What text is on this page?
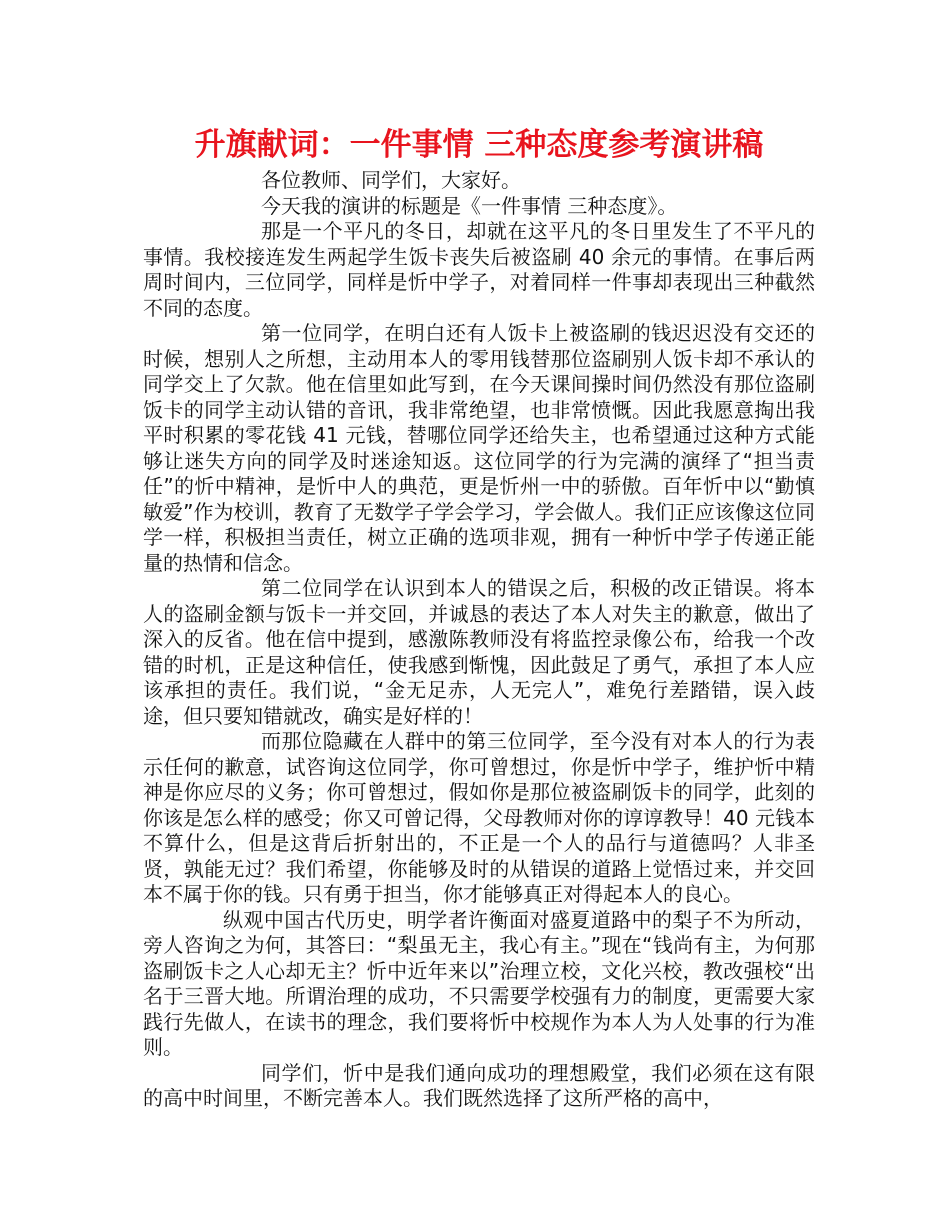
升旗献词：一件事情 三种态度参考演讲稿

各位教师、同学们，大家好。

今天我的演讲的标题是《一件事情 三种态度》。

那是一个平凡的冬日，却就在这平凡的冬日里发生了不平凡的事情。我校接连发生两起学生饭卡丧失后被盗刷 40 余元的事情。在事后两周时间内，三位同学，同样是忻中学子，对着同样一件事却表现出三种截然不同的态度。

第一位同学，在明白还有人饭卡上被盗刷的钱迟迟没有交还的时候，想别人之所想，主动用本人的零用钱替那位盗刷别人饭卡却不承认的同学交上了欠款。他在信里如此写到，在今天课间操时间仍然没有那位盗刷饭卡的同学主动认错的音讯，我非常绝望，也非常愤慨。因此我愿意掏出我平时积累的零花钱 41 元钱，替哪位同学还给失主，也希望通过这种方式能够让迷失方向的同学及时迷途知返。这位同学的行为完满的演绎了“担当责任”的忻中精神，是忻中人的典范，更是忻州一中的骄傲。百年忻中以“勤慎敏爱”作为校训，教育了无数学子学会学习，学会做人。我们正应该像这位同学一样，积极担当责任，树立正确的选项非观，拥有一种忻中学子传递正能量的热情和信念。

第二位同学在认识到本人的错误之后，积极的改正错误。将本人的盗刷金额与饭卡一并交回，并诚恳的表达了本人对失主的歉意，做出了深入的反省。他在信中提到，感激陈教师没有将监控录像公布，给我一个改错的时机，正是这种信任，使我感到惭愧，因此鼓足了勇气，承担了本人应该承担的责任。我们说，“金无足赤，人无完人”，难免行差踏错，误入歧途，但只要知错就改，确实是好样的！

而那位隐藏在人群中的第三位同学，至今没有对本人的行为表示任何的歉意，试咨询这位同学，你可曾想过，你是忻中学子，维护忻中精神是你应尽的义务；你可曾想过，假如你是那位被盗刷饭卡的同学，此刻的你该是怎么样的感受；你又可曾记得，父母教师对你的谆谆教导！40 元钱本不算什么，但是这背后折射出的，不正是一个人的品行与道德吗？人非圣贤，孰能无过？我们希望，你能够及时的从错误的道路上觉悟过来，并交回本不属于你的钱。只有勇于担当，你才能够真正对得起本人的良心。

纵观中国古代历史，明学者许衡面对盛夏道路中的梨子不为所动，旁人咨询之为何，其答曰：“梨虽无主，我心有主。”现在“钱尚有主，为何那盗刷饭卡之人心却无主？忻中近年来以”治理立校，文化兴校，教改强校“出名于三晋大地。所谓治理的成功，不只需要学校强有力的制度，更需要大家践行先做人，在读书的理念，我们要将忻中校规作为本人为人处事的行为准则。

同学们，忻中是我们通向成功的理想殿堂，我们必须在这有限的高中时间里，不断完善本人。我们既然选择了这所严格的高中，
